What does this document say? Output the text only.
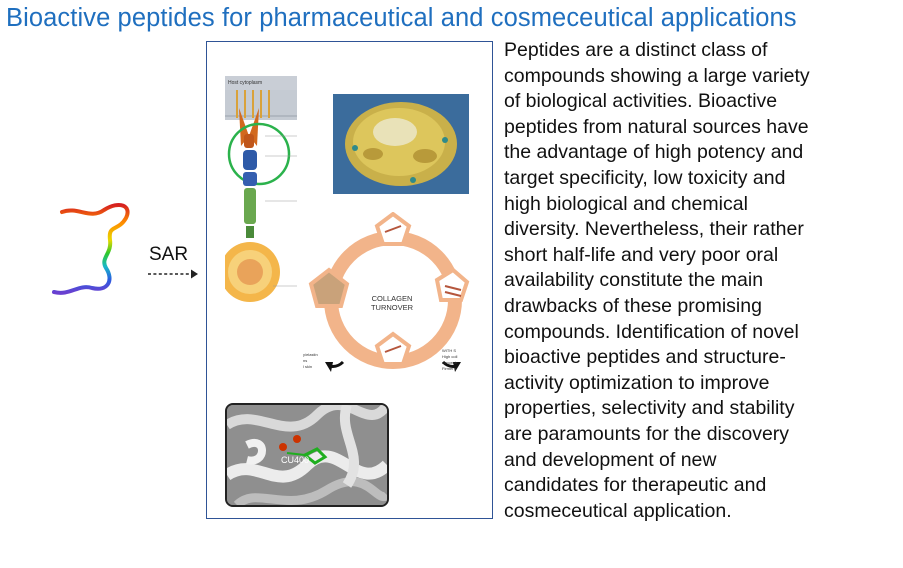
Bioactive peptides for pharmaceutical and cosmeceutical applications
SAR
Host cytoplasm
COLLAGEN
TURNOVER
WITH S
High coll
concentr
Firmer s
y/elastin
ns
l skin
CU400
Peptides are a distinct class of
compounds showing a large variety
of biological activities. Bioactive
peptides from natural sources have
the advantage of high potency and
target specificity, low toxicity and
high biological and chemical
diversity. Nevertheless, their rather
short half-life and very poor oral
availability constitute the main
drawbacks of these promising
compounds. Identification of novel
bioactive peptides and structure-
activity optimization to improve
properties, selectivity and stability
are paramounts for the discovery
and development of new
candidates for therapeutic and
cosmeceutical application.
